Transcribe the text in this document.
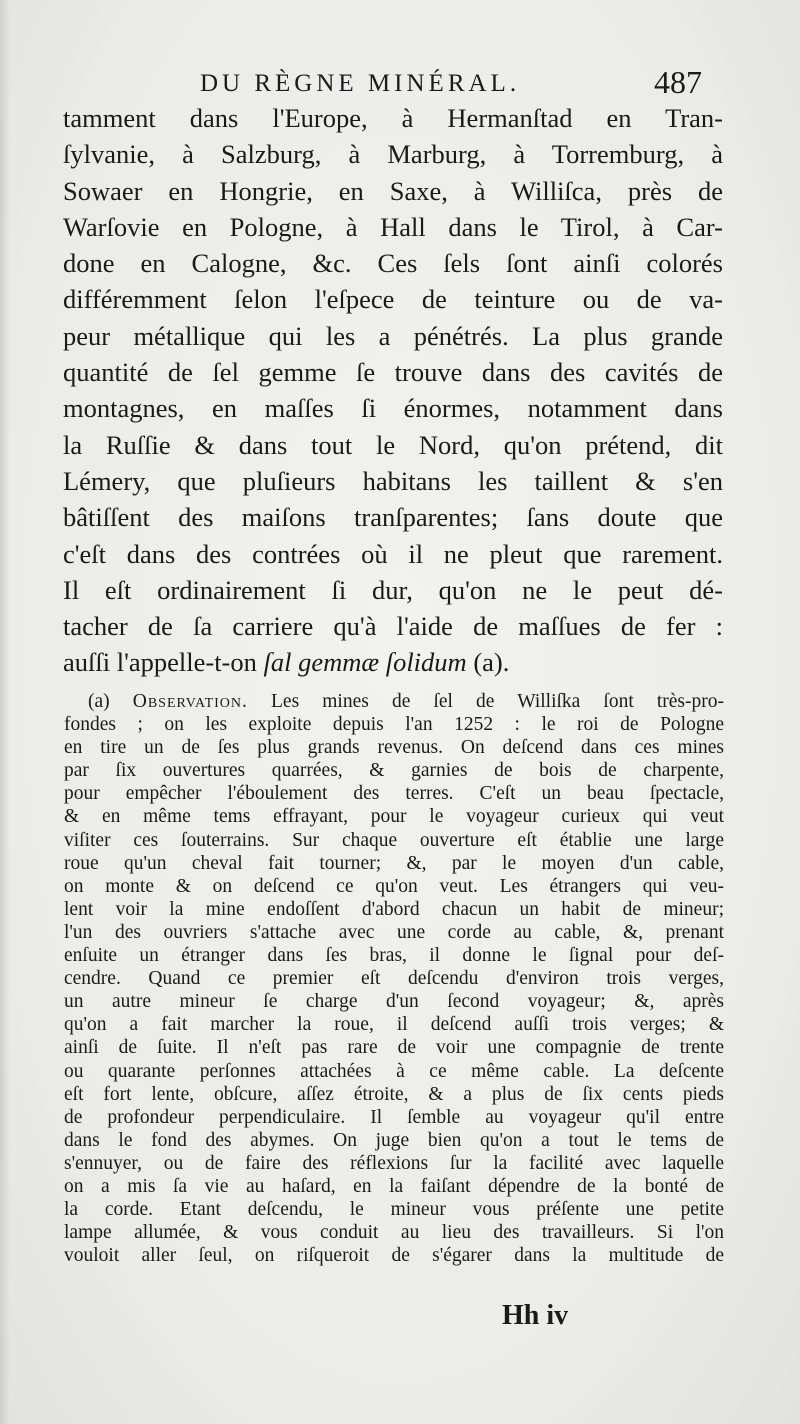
DU RÈGNE MINÉRAL.	487
tamment dans l'Europe, à Hermanſtad en Tran-
ſylvanie, à Salzburg, à Marburg, à Torremburg, à
Sowaer en Hongrie, en Saxe, à Williſca, près de
Warſovie en Pologne, à Hall dans le Tirol, à Car-
done en Calogne, &c. Ces ſels ſont ainſi colorés
différemment ſelon l'eſpece de teinture ou de va-
peur métallique qui les a pénétrés. La plus grande
quantité de ſel gemme ſe trouve dans des cavités de
montagnes, en maſſes ſi énormes, notamment dans
la Ruſſie & dans tout le Nord, qu'on prétend, dit
Lémery, que pluſieurs habitans les taillent & s'en
bâtiſſent des maiſons tranſparentes; ſans doute que
c'eſt dans des contrées où il ne pleut que rarement.
Il eſt ordinairement ſi dur, qu'on ne le peut dé-
tacher de ſa carriere qu'à l'aide de maſſues de fer :
auſſi l'appelle-t-on ſal gemmæ ſolidum (a).
(a) Observation. Les mines de ſel de Williſka ſont très-pro-
fondes ; on les exploite depuis l'an 1252 : le roi de Pologne
en tire un de ſes plus grands revenus. On deſcend dans ces mines
par ſix ouvertures quarrées, & garnies de bois de charpente,
pour empêcher l'éboulement des terres. C'eſt un beau ſpectacle,
& en même tems effrayant, pour le voyageur curieux qui veut
viſiter ces ſouterrains. Sur chaque ouverture eſt établie une large
roue qu'un cheval fait tourner; &, par le moyen d'un cable,
on monte & on deſcend ce qu'on veut. Les étrangers qui veu-
lent voir la mine endoſſent d'abord chacun un habit de mineur;
l'un des ouvriers s'attache avec une corde au cable, &, prenant
enſuite un étranger dans ſes bras, il donne le ſignal pour deſ-
cendre. Quand ce premier eſt deſcendu d'environ trois verges,
un autre mineur ſe charge d'un ſecond voyageur; &, après
qu'on a fait marcher la roue, il deſcend auſſi trois verges; &
ainſi de ſuite. Il n'eſt pas rare de voir une compagnie de trente
ou quarante perſonnes attachées à ce même cable. La deſcente
eſt fort lente, obſcure, aſſez étroite, & a plus de ſix cents pieds
de profondeur perpendiculaire. Il ſemble au voyageur qu'il entre
dans le fond des abymes. On juge bien qu'on a tout le tems de
s'ennuyer, ou de faire des réflexions ſur la facilité avec laquelle
on a mis ſa vie au haſard, en la faiſant dépendre de la bonté de
la corde. Etant deſcendu, le mineur vous préſente une petite
lampe allumée, & vous conduit au lieu des travailleurs. Si l'on
vouloit aller ſeul, on riſqueroit de s'égarer dans la multitude de
Hh iv
